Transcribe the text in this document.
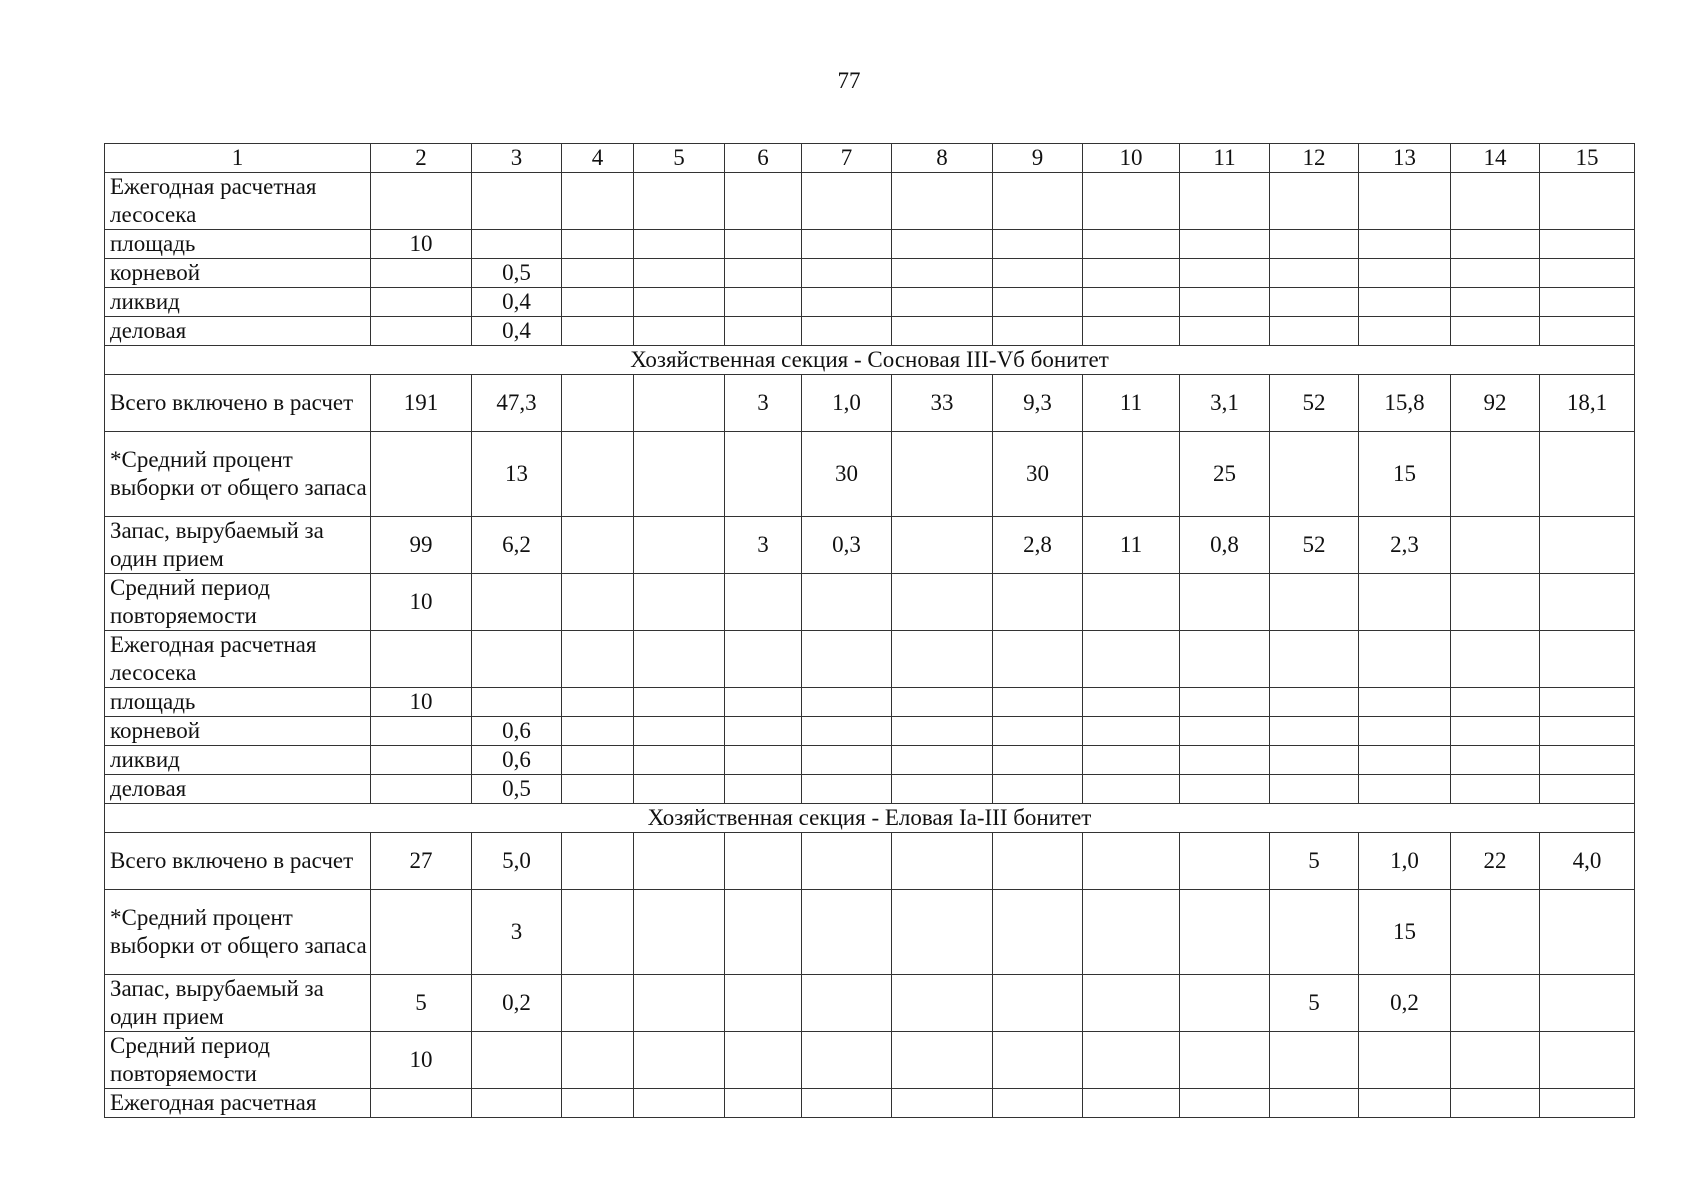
77
1	2	3	4	5	6	7	8	9	10	11	12	13	14	15
Ежегодная расчетная лесосека														
площадь	10													
корневой		0,5												
ликвид		0,4												
деловая		0,4												
Хозяйственная секция - Сосновая III-Vб бонитет														
Всего включено в расчет	191	47,3			3	1,0	33	9,3	11	3,1	52	15,8	92	18,1
*Средний процент выборки от общего запаса		13				30		30		25		15		
Запас, вырубаемый за один прием	99	6,2			3	0,3		2,8	11	0,8	52	2,3		
Средний период повторяемости	10													
Ежегодная расчетная лесосека														
площадь	10													
корневой		0,6												
ликвид		0,6												
деловая		0,5												
Хозяйственная секция - Еловая Ia-III бонитет														
Всего включено в расчет	27	5,0									5	1,0	22	4,0
*Средний процент выборки от общего запаса		3										15		
Запас, вырубаемый за один прием	5	0,2									5	0,2		
Средний период повторяемости	10													
Ежегодная расчетная														
